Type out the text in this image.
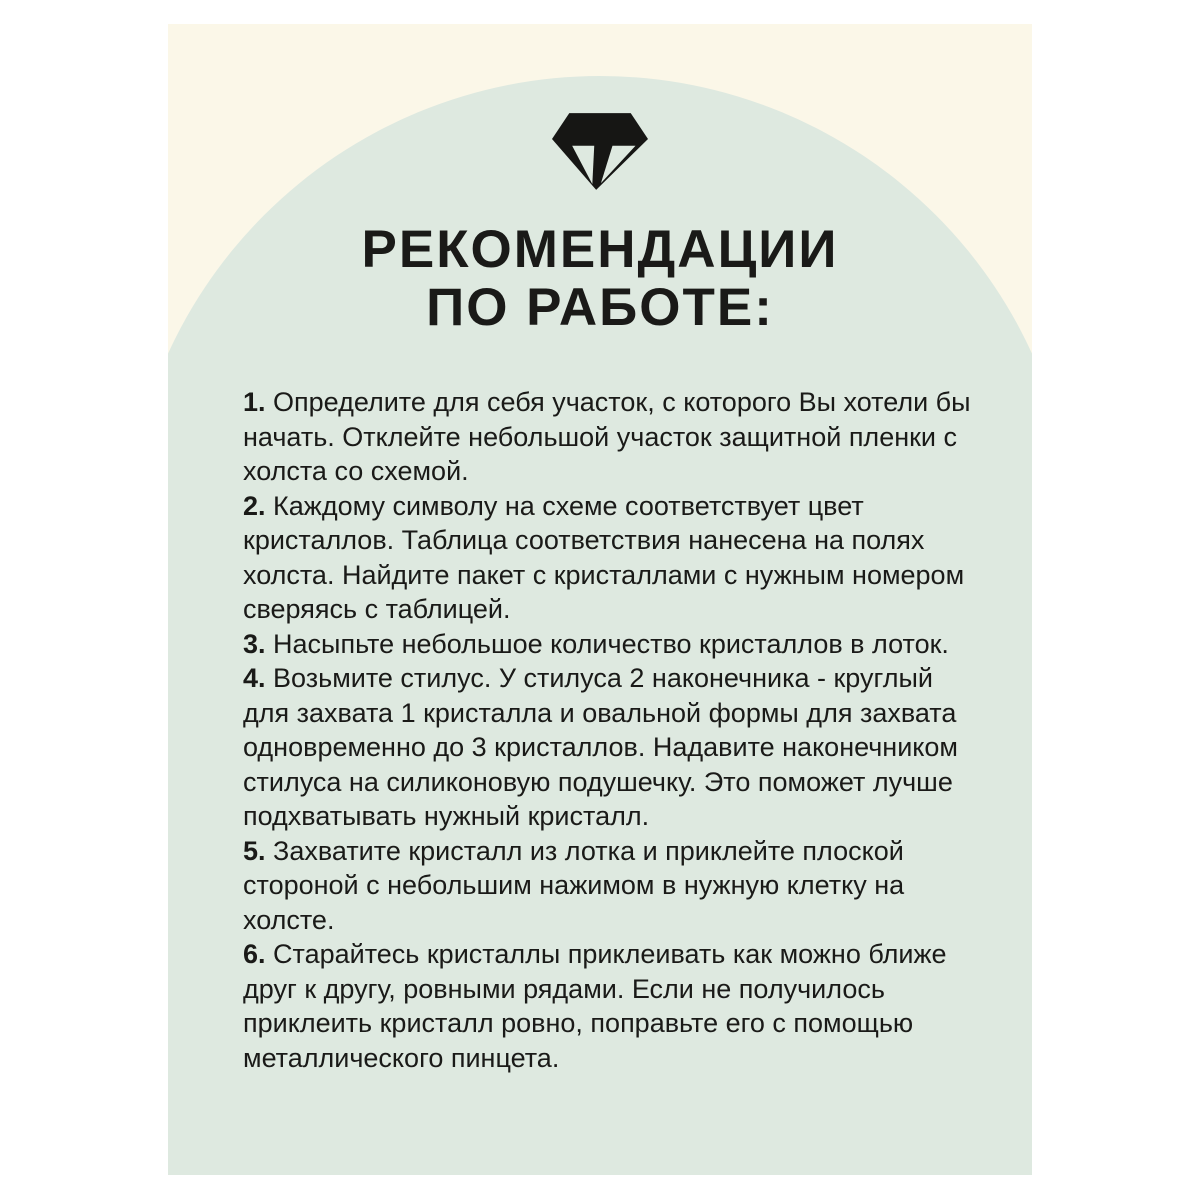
РЕКОМЕНДАЦИИ
ПО РАБОТЕ:

1. Определите для себя участок, с которого Вы хотели бы начать. Отклейте небольшой участок защитной пленки с холста со схемой.

2. Каждому символу на схеме соответствует цвет кристаллов. Таблица соответствия нанесена на полях холста. Найдите пакет с кристаллами с нужным номером сверяясь с таблицей.

3. Насыпьте небольшое количество кристаллов в лоток.

4. Возьмите стилус. У стилуса 2 наконечника - круглый для захвата 1 кристалла и овальной формы для захвата одновременно до 3 кристаллов. Надавите наконечником стилуса на силиконовую подушечку. Это поможет лучше подхватывать нужный кристалл.

5. Захватите кристалл из лотка и приклейте плоской стороной с небольшим нажимом в нужную клетку на холсте.

6. Старайтесь кристаллы приклеивать как можно ближе друг к другу, ровными рядами. Если не получилось приклеить кристалл ровно, поправьте его с помощью металлического пинцета.
